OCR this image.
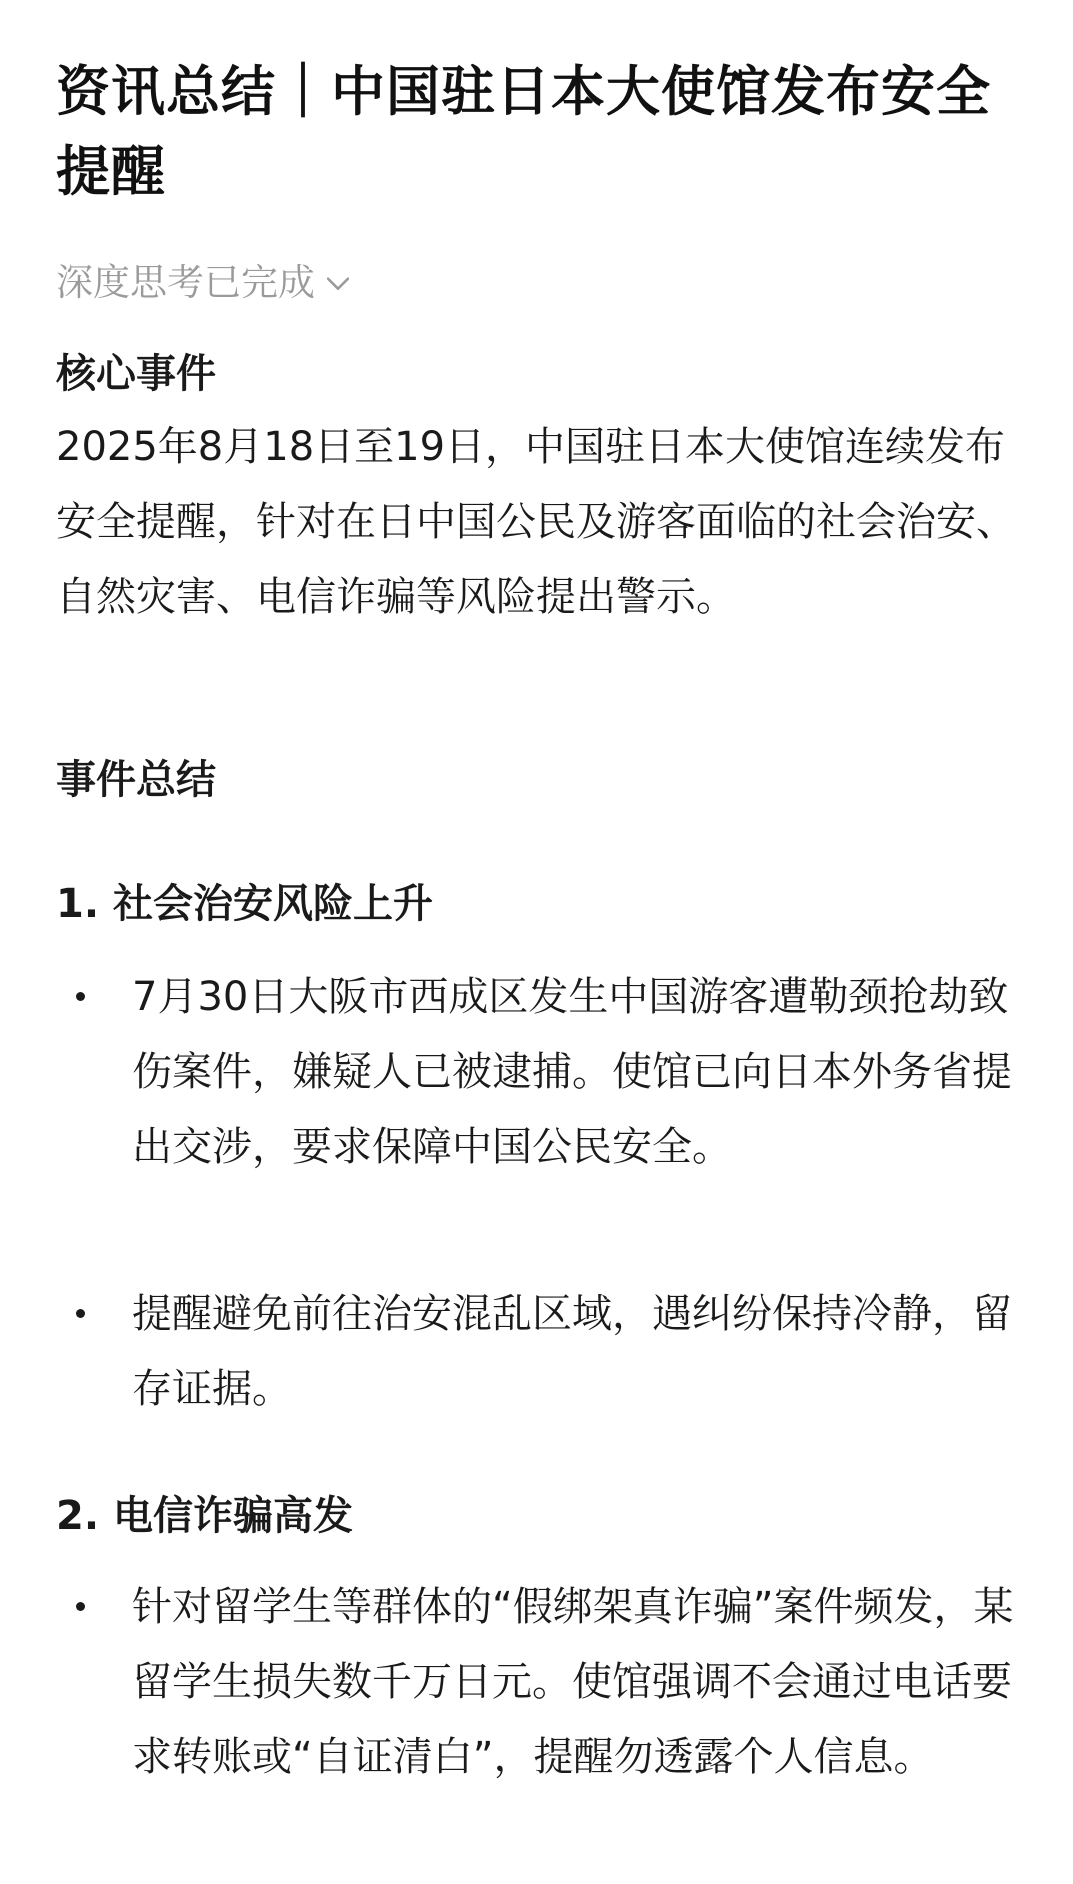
资讯总结｜中国驻日本大使馆发布安全提醒
深度思考已完成
核心事件
2025年8月18日至19日，中国驻日本大使馆连续发布安全提醒，针对在日中国公民及游客面临的社会治安、自然灾害、电信诈骗等风险提出警示。
事件总结
1. 社会治安风险上升
7月30日大阪市西成区发生中国游客遭勒颈抢劫致伤案件，嫌疑人已被逮捕。使馆已向日本外务省提出交涉，要求保障中国公民安全。
提醒避免前往治安混乱区域，遇纠纷保持冷静，留存证据。
2. 电信诈骗高发
针对留学生等群体的“假绑架真诈骗”案件频发，某留学生损失数千万日元。使馆强调不会通过电话要求转账或“自证清白”，提醒勿透露个人信息。
